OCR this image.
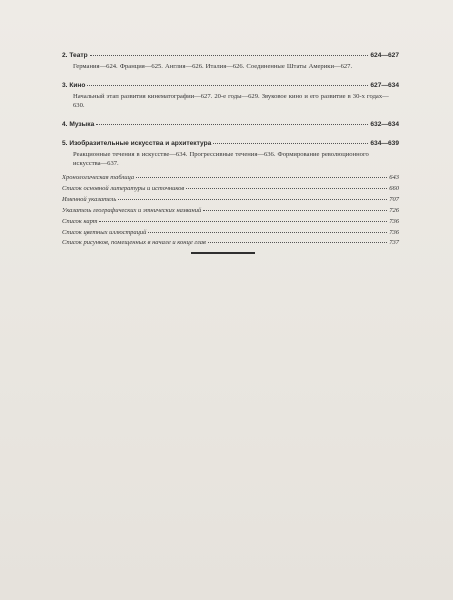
2. Театр	624—627
Германия—624. Франция—625. Англия—626. Италия—626. Соединенные Штаты Америки—627.
3. Кино	627—634
Начальный этап развития кинематографии—627. 20-е годы—629. Звуковое кино и его развитие в 30-х годах—630.
4. Музыка	632—634
5. Изобразительные искусства и архитектура	634—639
Реакционные течения в искусстве—634. Прогрессивные течения—636. Формирование революционного искусства—637.
Хронологическая таблица	643
Список основной литературы и источников	660
Именной указатель	707
Указатель географических и этнических названий	726
Список карт	736
Список цветных иллюстраций	736
Список рисунков, помещенных в начале и конце глав	737
